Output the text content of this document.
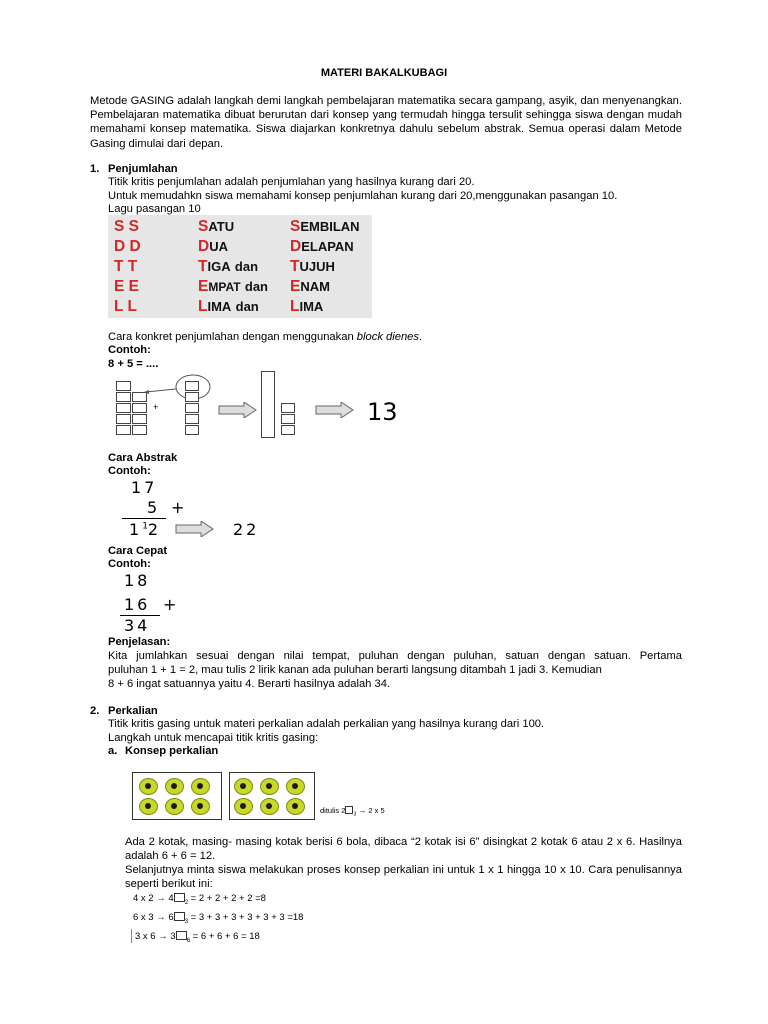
MATERI BAKALKUBAGI
Metode GASING adalah langkah demi langkah pembelajaran matematika secara gampang, asyik, dan menyenangkan. Pembelajaran matematika dibuat berurutan dari konsep yang termudah hingga tersulit sehingga siswa dengan mudah memahami konsep matematika. Siswa diajarkan konkretnya dahulu sebelum abstrak. Semua operasi dalam Metode Gasing dimulai dari depan.
1. Penjumlahan
Titik kritis penjumlahan adalah penjumlahan yang hasilnya kurang dari 20.
Untuk memudahkn siswa memahami konsep penjumlahan kurang dari 20,menggunakan pasangan 10.
Lagu pasangan 10
S S
D D
T T
E E
L L
SATU
DUA
TIGA dan
EMPAT dan
LIMA dan
SEMBILAN
DELAPAN
TUJUH
ENAM
LIMA
Cara konkret penjumlahan dengan menggunakan block dienes.
Contoh:
8 + 5 = ....
+	13
Cara Abstrak
Contoh:
17
5 +
$1^12$	22
Cara Cepat
Contoh:
18
16 +
34
Penjelasan:
Kita jumlahkan sesuai dengan nilai tempat, puluhan dengan puluhan, satuan dengan satuan. Pertama
puluhan 1 + 1 = 2, mau tulis 2 lirik kanan ada puluhan berarti langsung ditambah 1 jadi 3. Kemudian
8 + 6 ingat satuannya yaitu 4. Berarti hasilnya adalah 34.
2. Perkalian
Titik kritis gasing untuk materi perkalian adalah perkalian yang hasilnya kurang dari 100.
Langkah untuk mencapai titik kritis gasing:
a. Konsep perkalian
ditulis 2 $_3$ → 2 x 5
Ada 2 kotak, masing- masing kotak berisi 6 bola, dibaca “2 kotak isi 6” disingkat 2 kotak 6 atau 2 x 6. Hasilnya adalah 6 + 6 = 12.
Selanjutnya minta siswa melakukan proses konsep perkalian ini untuk 1 x 1 hingga 10 x 10. Cara penulisannya seperti berikut ini:
4 x 2 → 4 $_2$ = 2 + 2 + 2 + 2 =8
6 x 3 → 6 $_3$ = 3 + 3 + 3 + 3 + 3 + 3 =18
3 x 6 → 3 $_6$ = 6 + 6 + 6 = 18
